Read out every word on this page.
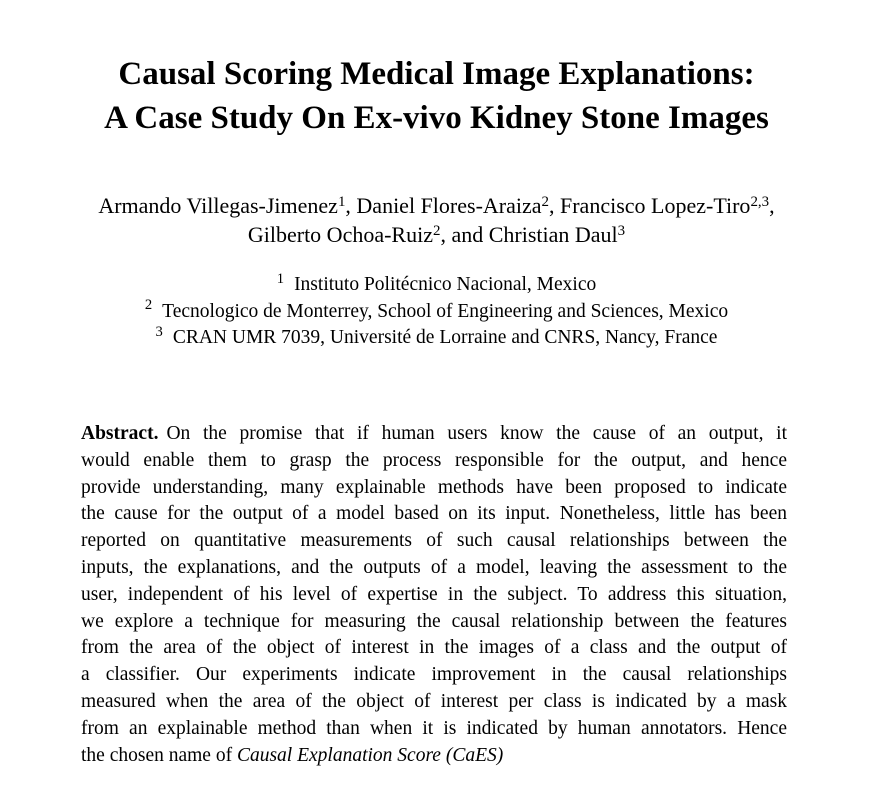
Causal Scoring Medical Image Explanations:
A Case Study On Ex-vivo Kidney Stone Images
Armando Villegas-Jimenez$^1$, Daniel Flores-Araiza$^2$, Francisco Lopez-Tiro$^{2,3}$,
Gilberto Ochoa-Ruiz$^2$, and Christian Daul$^3$
$^1$ Instituto Politécnico Nacional, Mexico
$^2$ Tecnologico de Monterrey, School of Engineering and Sciences, Mexico
$^3$ CRAN UMR 7039, Université de Lorraine and CNRS, Nancy, France
Abstract. On the promise that if human users know the cause of an output, it
would enable them to grasp the process responsible for the output, and hence
provide understanding, many explainable methods have been proposed to indicate
the cause for the output of a model based on its input. Nonetheless, little has been
reported on quantitative measurements of such causal relationships between the
inputs, the explanations, and the outputs of a model, leaving the assessment to the
user, independent of his level of expertise in the subject. To address this situation,
we explore a technique for measuring the causal relationship between the features
from the area of the object of interest in the images of a class and the output of
a classifier. Our experiments indicate improvement in the causal relationships
measured when the area of the object of interest per class is indicated by a mask
from an explainable method than when it is indicated by human annotators. Hence
the chosen name of Causal Explanation Score (CaES)
